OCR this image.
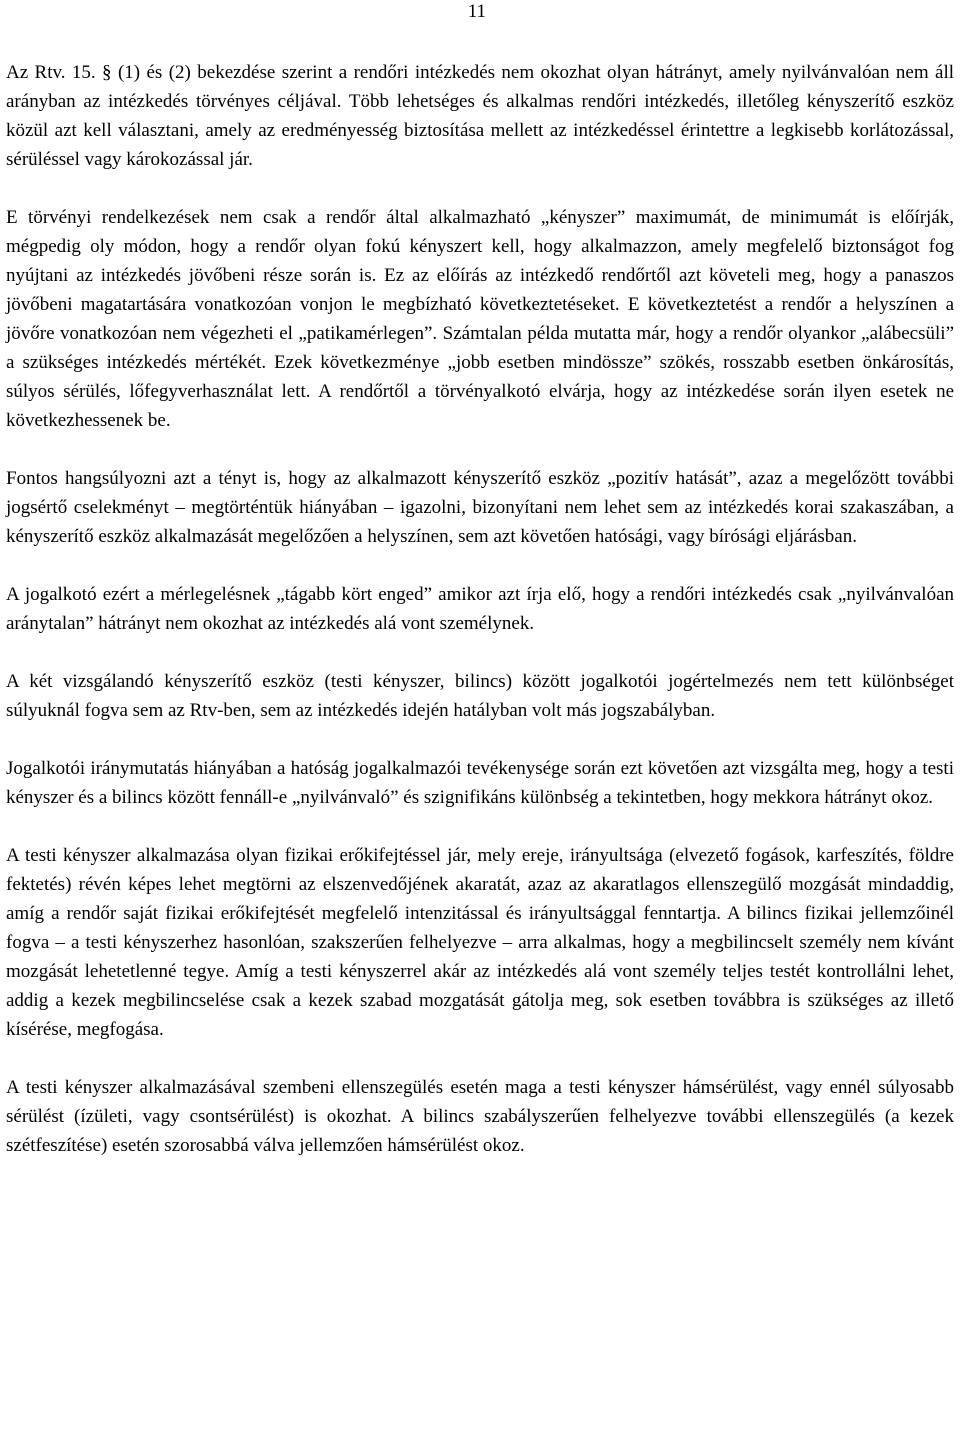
11

Az Rtv. 15. § (1) és (2) bekezdése szerint a rendőri intézkedés nem okozhat olyan hátrányt, amely nyilvánvalóan nem áll arányban az intézkedés törvényes céljával. Több lehetséges és alkalmas rendőri intézkedés, illetőleg kényszerítő eszköz közül azt kell választani, amely az eredményesség biztosítása mellett az intézkedéssel érintettre a legkisebb korlátozással, sérüléssel vagy károkozással jár.

E törvényi rendelkezések nem csak a rendőr által alkalmazható „kényszer” maximumát, de minimumát is előírják, mégpedig oly módon, hogy a rendőr olyan fokú kényszert kell, hogy alkalmazzon, amely megfelelő biztonságot fog nyújtani az intézkedés jövőbeni része során is. Ez az előírás az intézkedő rendőrtől azt követeli meg, hogy a panaszos jövőbeni magatartására vonatkozóan vonjon le megbízható következtetéseket. E következtetést a rendőr a helyszínen a jövőre vonatkozóan nem végezheti el „patikamérlegen”. Számtalan példa mutatta már, hogy a rendőr olyankor „alábecsüli” a szükséges intézkedés mértékét. Ezek következménye „jobb esetben mindössze” szökés, rosszabb esetben önkárosítás, súlyos sérülés, lőfegyverhasználat lett. A rendőrtől a törvényalkotó elvárja, hogy az intézkedése során ilyen esetek ne következhessenek be.

Fontos hangsúlyozni azt a tényt is, hogy az alkalmazott kényszerítő eszköz „pozitív hatását”, azaz a megelőzött további jogsértő cselekményt – megtörténtük hiányában – igazolni, bizonyítani nem lehet sem az intézkedés korai szakaszában, a kényszerítő eszköz alkalmazását megelőzően a helyszínen, sem azt követően hatósági, vagy bírósági eljárásban.

A jogalkotó ezért a mérlegelésnek „tágabb kört enged” amikor azt írja elő, hogy a rendőri intézkedés csak „nyilvánvalóan aránytalan” hátrányt nem okozhat az intézkedés alá vont személynek.

A két vizsgálandó kényszerítő eszköz (testi kényszer, bilincs) között jogalkotói jogértelmezés nem tett különbséget súlyuknál fogva sem az Rtv-ben, sem az intézkedés idején hatályban volt más jogszabályban.

Jogalkotói iránymutatás hiányában a hatóság jogalkalmazói tevékenysége során ezt követően azt vizsgálta meg, hogy a testi kényszer és a bilincs között fennáll-e „nyilvánvaló” és szignifikáns különbség a tekintetben, hogy mekkora hátrányt okoz.

A testi kényszer alkalmazása olyan fizikai erőkifejtéssel jár, mely ereje, irányultsága (elvezető fogások, karfeszítés, földre fektetés) révén képes lehet megtörni az elszenvedőjének akaratát, azaz az akaratlagos ellenszegülő mozgását mindaddig, amíg a rendőr saját fizikai erőkifejtését megfelelő intenzitással és irányultsággal fenntartja. A bilincs fizikai jellemzőinél fogva – a testi kényszerhez hasonlóan, szakszerűen felhelyezve – arra alkalmas, hogy a megbilincselt személy nem kívánt mozgását lehetetlenné tegye. Amíg a testi kényszerrel akár az intézkedés alá vont személy teljes testét kontrollálni lehet, addig a kezek megbilincselése csak a kezek szabad mozgatását gátolja meg, sok esetben továbbra is szükséges az illető kísérése, megfogása.

A testi kényszer alkalmazásával szembeni ellenszegülés esetén maga a testi kényszer hámsérülést, vagy ennél súlyosabb sérülést (ízületi, vagy csontsérülést) is okozhat. A bilincs szabályszerűen felhelyezve további ellenszegülés (a kezek szétfeszítése) esetén szorosabbá válva jellemzően hámsérülést okoz.
